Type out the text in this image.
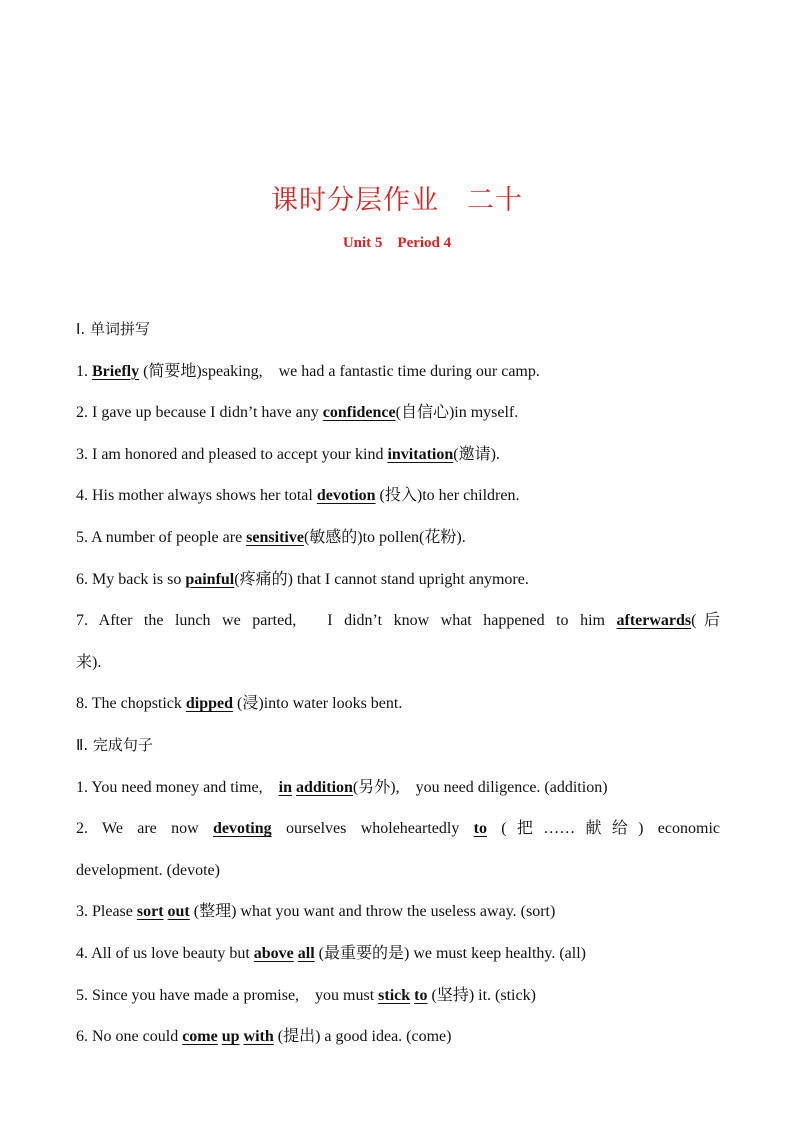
课时分层作业　二十
Unit 5　Period 4
Ⅰ. 单词拼写
1. Briefly (简要地)speaking,　we had a fantastic time during our camp.
2. I gave up because I didn’t have any confidence(自信心)in myself.
3. I am honored and pleased to accept your kind invitation(邀请).
4. His mother always shows her total devotion (投入)to her children.
5. A number of people are sensitive(敏感的)to pollen(花粉).
6. My back is so painful(疼痛的) that I cannot stand upright anymore.
7. After the lunch we parted,　I didn’t know what happened to him afterwards(后
来).
8. The chopstick dipped (浸)into water looks bent.
Ⅱ. 完成句子
1. You need money and time,　in addition(另外),　you need diligence. (addition)
2. We are now devoting ourselves wholeheartedly to (把……献给) economic
development. (devote)
3. Please sort out (整理) what you want and throw the useless away. (sort)
4. All of us love beauty but above all (最重要的是) we must keep healthy. (all)
5. Since you have made a promise,　you must stick to (坚持) it. (stick)
6. No one could come up with (提出) a good idea. (come)
